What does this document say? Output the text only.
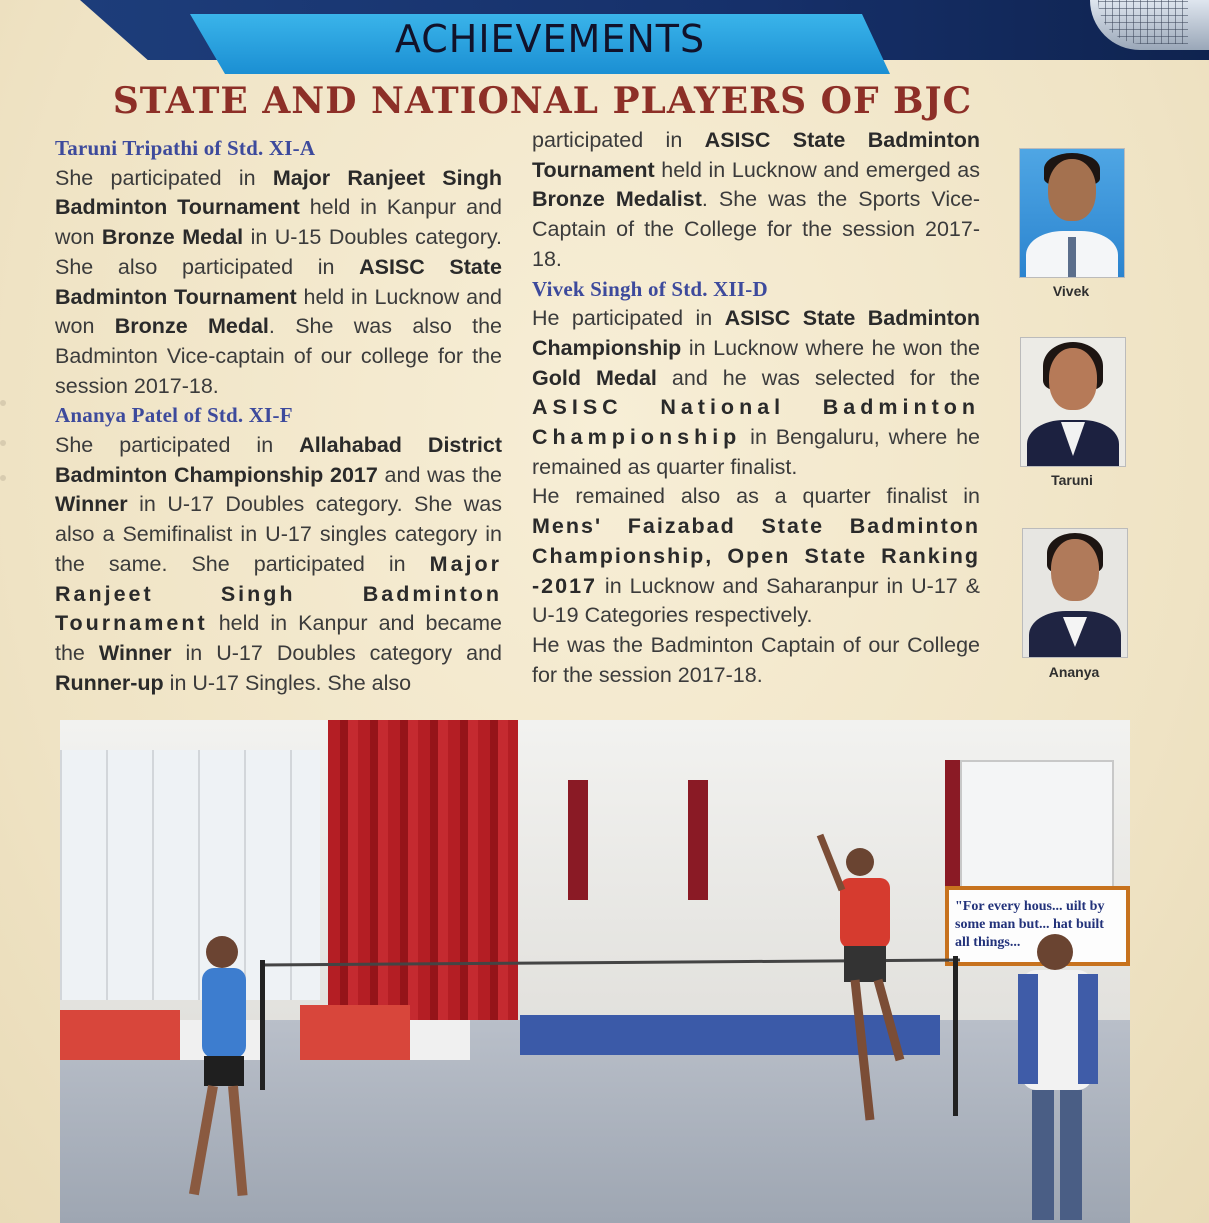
ACHIEVEMENTS
STATE AND NATIONAL PLAYERS OF BJC
Taruni Tripathi of Std. XI-A

She participated in Major Ranjeet Singh Badminton Tournament held in Kanpur and won Bronze Medal in U-15 Doubles category. She also participated in ASISC State Badminton Tournament held in Lucknow and won Bronze Medal. She was also the Badminton Vice-captain of our college for the session 2017-18.

Ananya Patel of Std. XI-F

She participated in Allahabad District Badminton Championship 2017 and was the Winner in U-17 Doubles category. She was also a Semifinalist in U-17 singles category in the same. She participated in Major Ranjeet Singh Badminton Tournament held in Kanpur and became the Winner in U-17 Doubles category and Runner-up in U-17 Singles. She also

participated in ASISC State Badminton Tournament held in Lucknow and emerged as Bronze Medalist. She was the Sports Vice-Captain of the College for the session 2017-18.

Vivek Singh of Std. XII-D

He participated in ASISC State Badminton Championship in Lucknow where he won the Gold Medal and he was selected for the ASISC National Badminton Championship in Bengaluru, where he remained as quarter finalist.

He remained also as a quarter finalist in Mens' Faizabad State Badminton Championship, Open State Ranking -2017 in Lucknow and Saharanpur in U-17 & U-19 Categories respectively.

He was the Badminton Captain of our College for the session 2017-18.

Vivek
Taruni
Ananya
"For every hous... uilt by some man but... hat built all things...
